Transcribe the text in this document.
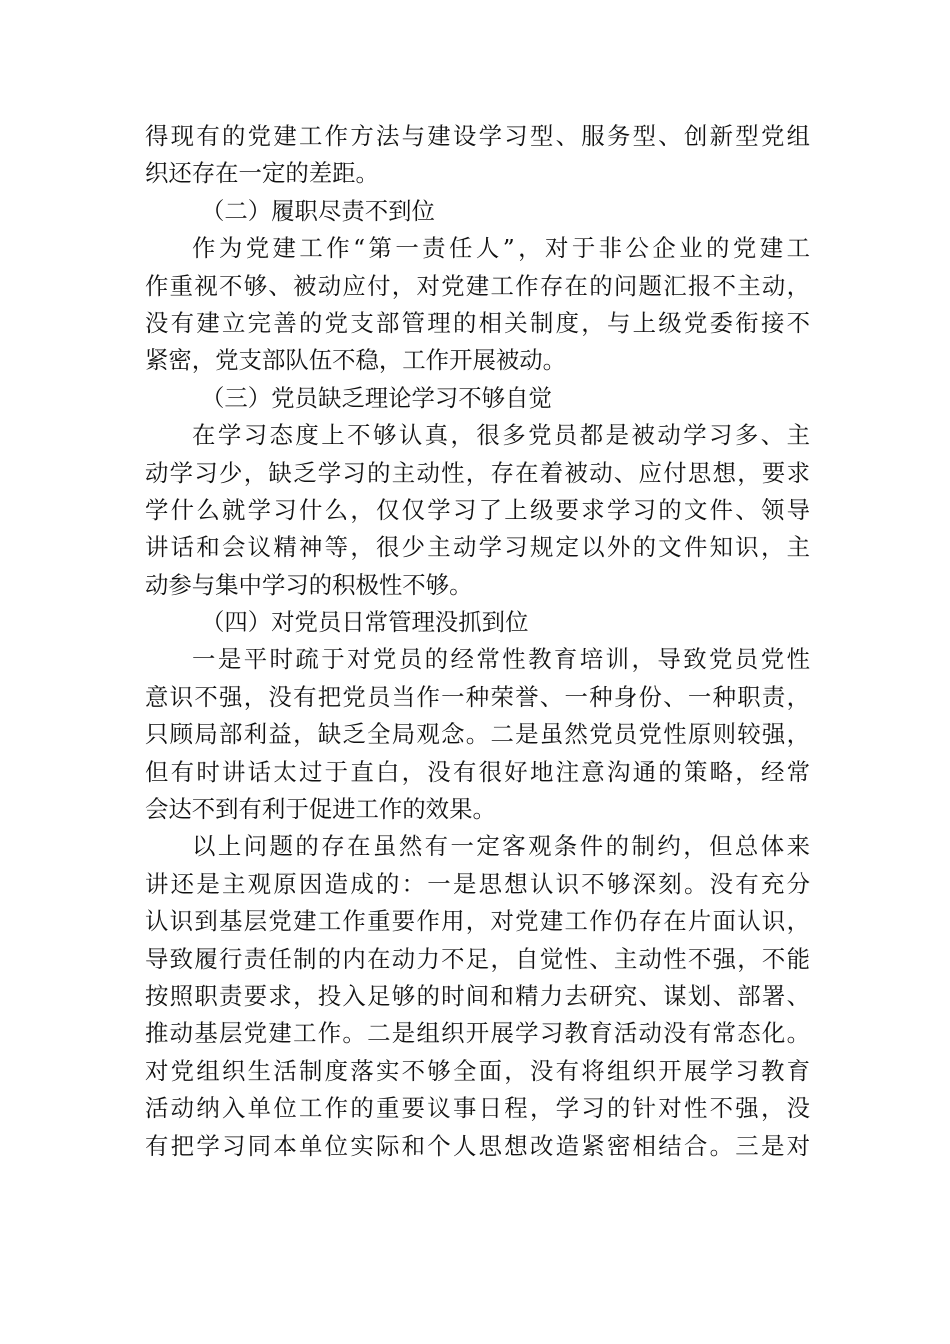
得现有的党建工作方法与建设学习型、服务型、创新型党组
织还存在一定的差距。
（二）履职尽责不到位
作为党建工作“第一责任人”，对于非公企业的党建工
作重视不够、被动应付，对党建工作存在的问题汇报不主动，
没有建立完善的党支部管理的相关制度，与上级党委衔接不
紧密，党支部队伍不稳，工作开展被动。
（三）党员缺乏理论学习不够自觉
在学习态度上不够认真，很多党员都是被动学习多、主
动学习少，缺乏学习的主动性，存在着被动、应付思想，要求
学什么就学习什么，仅仅学习了上级要求学习的文件、领导
讲话和会议精神等，很少主动学习规定以外的文件知识，主
动参与集中学习的积极性不够。
（四）对党员日常管理没抓到位
一是平时疏于对党员的经常性教育培训，导致党员党性
意识不强，没有把党员当作一种荣誉、一种身份、一种职责，
只顾局部利益，缺乏全局观念。二是虽然党员党性原则较强，
但有时讲话太过于直白，没有很好地注意沟通的策略，经常
会达不到有利于促进工作的效果。
以上问题的存在虽然有一定客观条件的制约，但总体来
讲还是主观原因造成的：一是思想认识不够深刻。没有充分
认识到基层党建工作重要作用，对党建工作仍存在片面认识，
导致履行责任制的内在动力不足，自觉性、主动性不强，不能
按照职责要求，投入足够的时间和精力去研究、谋划、部署、
推动基层党建工作。二是组织开展学习教育活动没有常态化。
对党组织生活制度落实不够全面，没有将组织开展学习教育
活动纳入单位工作的重要议事日程，学习的针对性不强，没
有把学习同本单位实际和个人思想改造紧密相结合。三是对
